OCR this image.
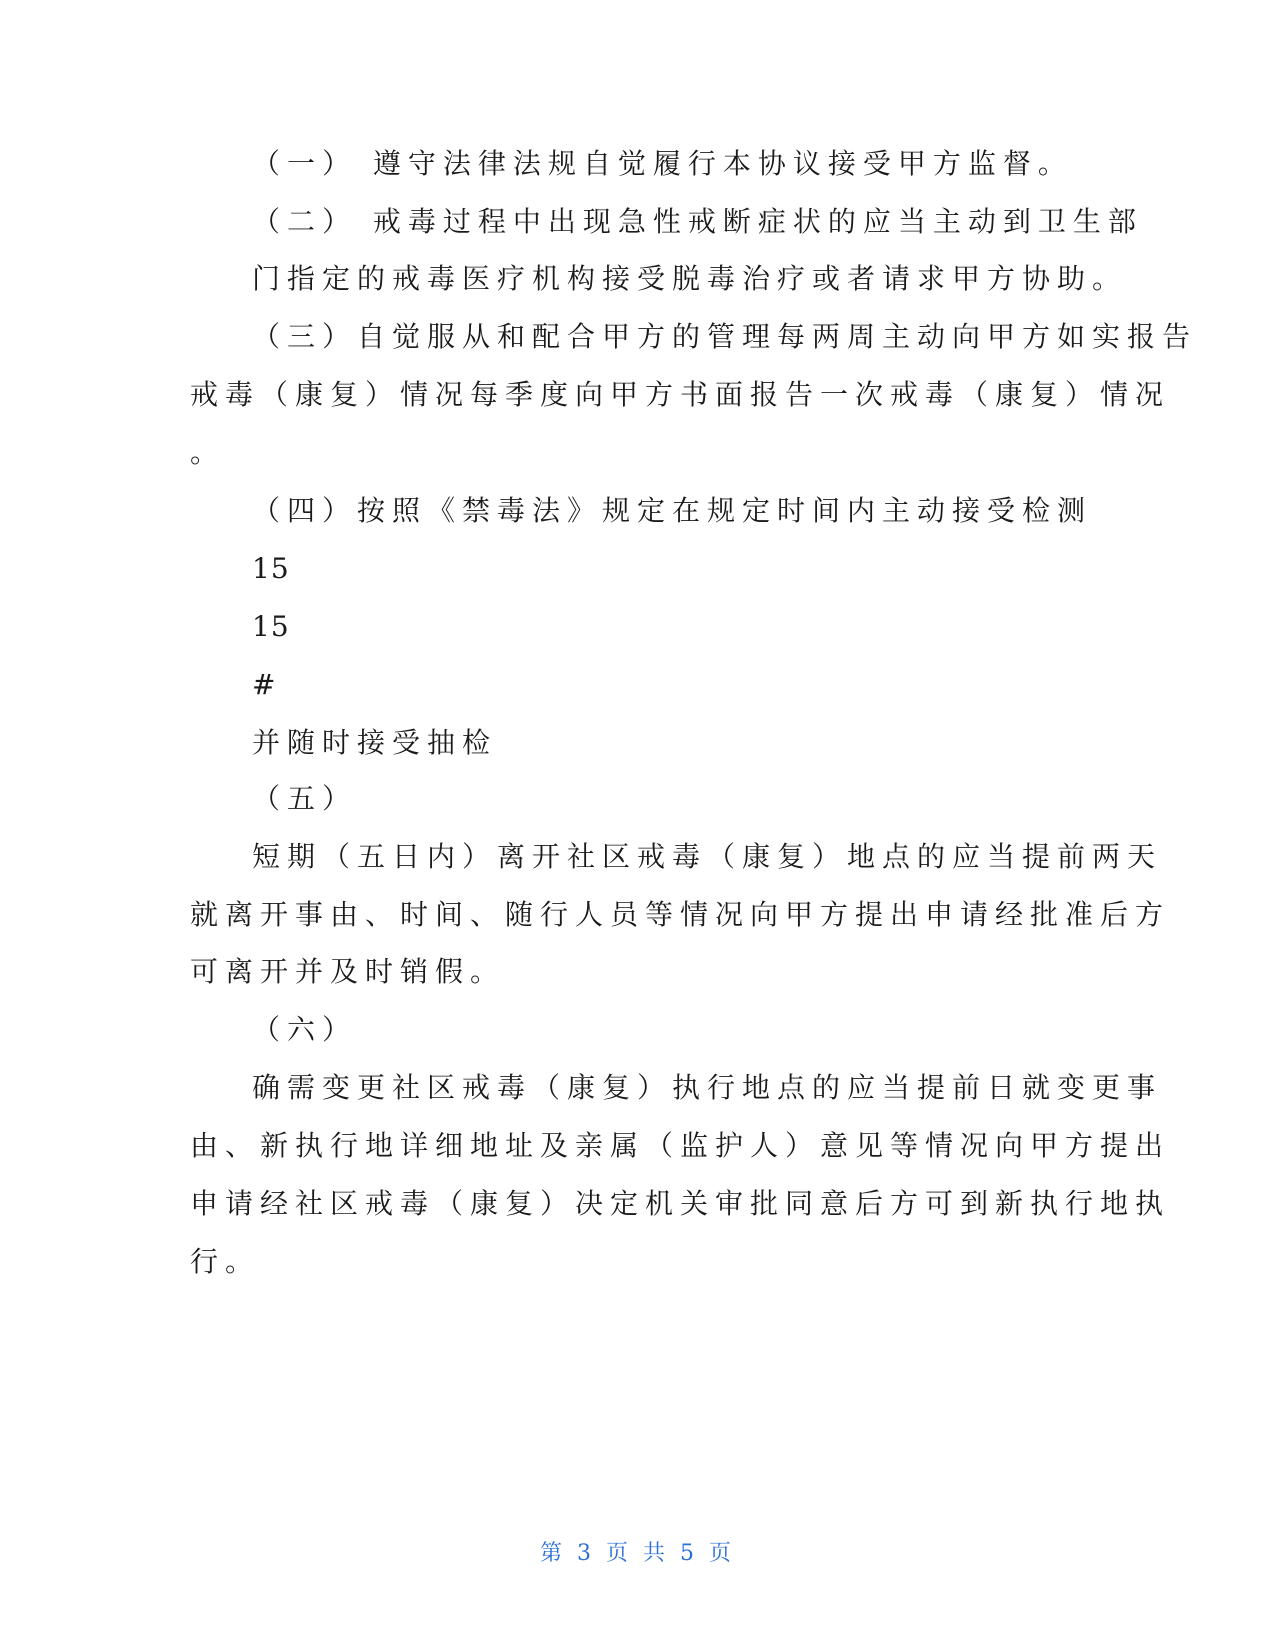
（一） 遵守法律法规自觉履行本协议接受甲方监督。
（二） 戒毒过程中出现急性戒断症状的应当主动到卫生部
门指定的戒毒医疗机构接受脱毒治疗或者请求甲方协助。
（三）自觉服从和配合甲方的管理每两周主动向甲方如实报告
戒毒（康复）情况每季度向甲方书面报告一次戒毒（康复）情况
。
（四）按照《禁毒法》规定在规定时间内主动接受检测
15
15
#
并随时接受抽检
（五）
短期（五日内）离开社区戒毒（康复）地点的应当提前两天
就离开事由、时间、随行人员等情况向甲方提出申请经批准后方
可离开并及时销假。
（六）
确需变更社区戒毒（康复）执行地点的应当提前日就变更事
由、新执行地详细地址及亲属（监护人）意见等情况向甲方提出
申请经社区戒毒（康复）决定机关审批同意后方可到新执行地执
行。
第 3 页 共 5 页
